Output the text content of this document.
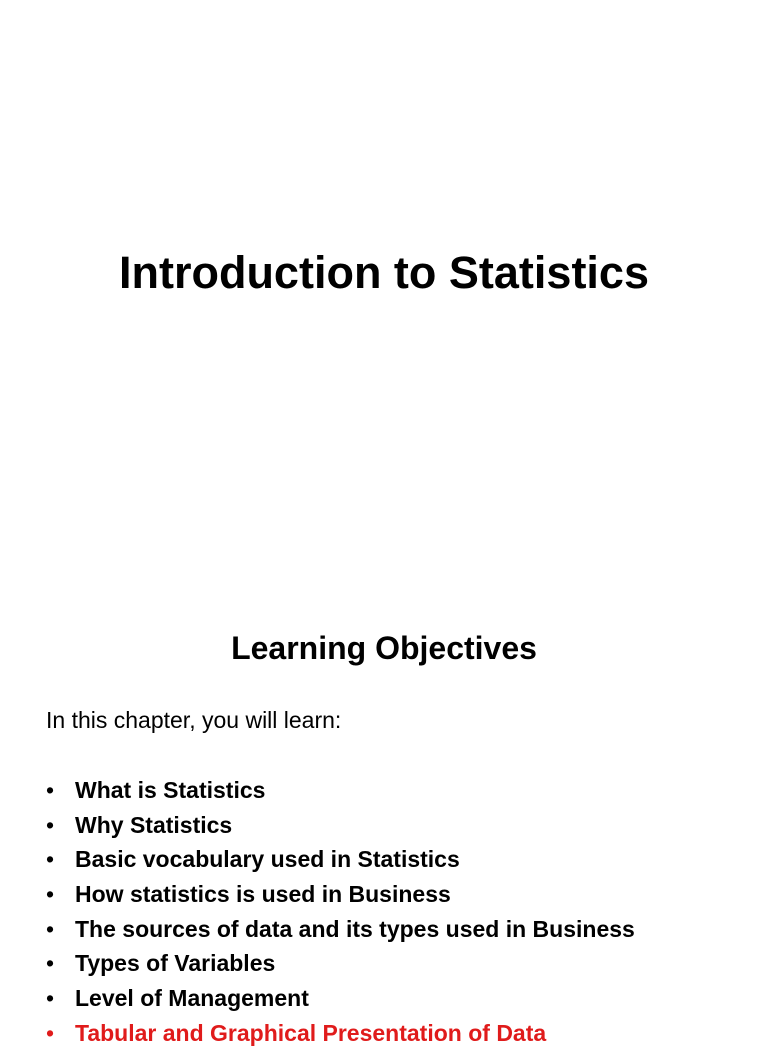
Introduction to Statistics
Learning Objectives

In this chapter, you will learn:

• What is Statistics
• Why Statistics
• Basic vocabulary used in Statistics
• How statistics is used in Business
• The sources of data and its types used in Business
• Types of Variables
• Level of Management
• Tabular and Graphical Presentation of Data
